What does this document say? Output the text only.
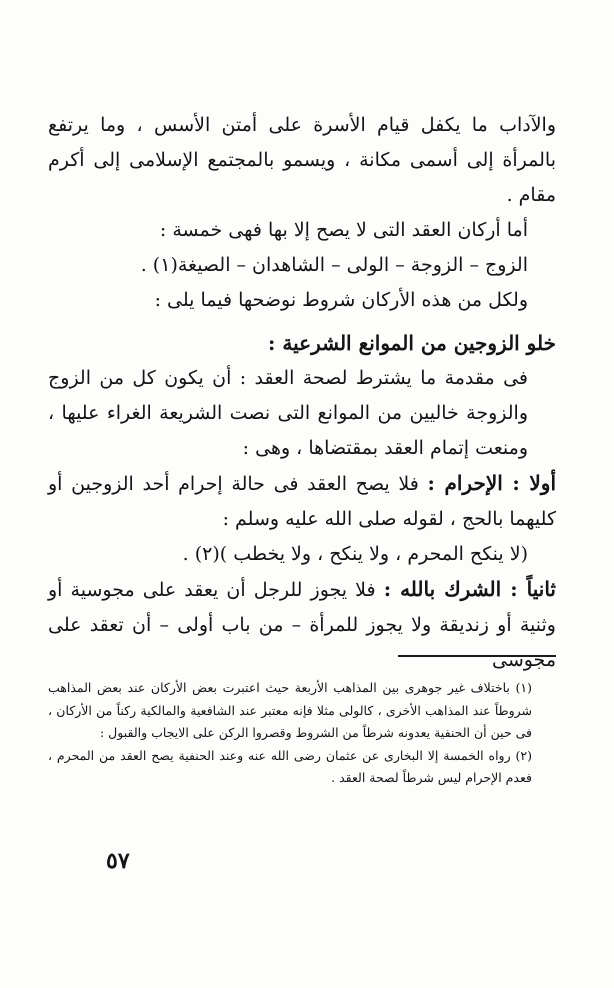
والآداب ما يكفل قيام الأسرة على أمتن الأسس ، وما يرتفع بالمرأة إلى أسمى مكانة ، ويسمو بالمجتمع الإسلامى إلى أكرم مقام .

أما أركان العقد التى لا يصح إلا بها فهى خمسة :

الزوج – الزوجة – الولى – الشاهدان – الصيغة(١) .

ولكل من هذه الأركان شروط نوضحها فيما يلى :

خلو الزوجين من الموانع الشرعية :

فى مقدمة ما يشترط لصحة العقد : أن يكون كل من الزوج والزوجة خاليين من الموانع التى نصت الشريعة الغراء عليها ، ومنعت إتمام العقد بمقتضاها ، وهى :

أولا : الإحرام : فلا يصح العقد فى حالة إحرام أحد الزوجين أو كليهما بالحج ، لقوله صلى الله عليه وسلم :

(لا ينكح المحرم ، ولا ينكح ، ولا يخطب )(٢) .

ثانياً : الشرك بالله : فلا يجوز للرجل أن يعقد على مجوسية أو وثنية أو زنديقة ولا يجوز للمرأة – من باب أولى – أن تعقد على مجوسى

(١) باختلاف غير جوهرى بين المذاهب الأربعة حيث اعتبرت بعض الأركان عند بعض المذاهب شروطاً عند المذاهب الأخرى ، كالولى مثلا فإنه معتبر عند الشافعية والمالكية ركناً من الأركان ، فى حين أن الحنفية يعدونه شرطاً من الشروط وقصروا الركن على الايجاب والقبول :

(٢) رواه الخمسة إلا البخارى عن عثمان رضى الله عنه وعند الحنفية يصح العقد من المحرم ، فعدم الإحرام ليس شرطاً لصحة العقد .

٥٧
